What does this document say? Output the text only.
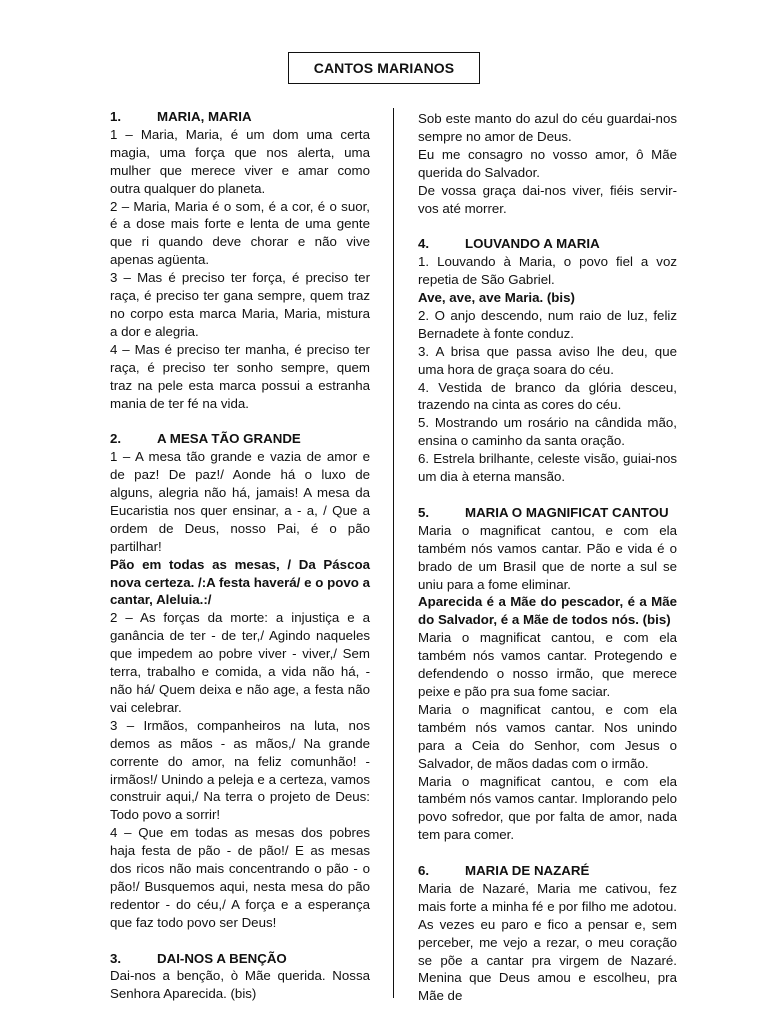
CANTOS MARIANOS
1.	MARIA, MARIA

1 – Maria, Maria, é um dom uma certa magia, uma força que nos alerta, uma mulher que merece viver e amar como outra qualquer do planeta.

2 – Maria, Maria é o som, é a cor, é o suor, é a dose mais forte e lenta de uma gente que ri quando deve chorar e não vive apenas agüenta.

3 – Mas é preciso ter força, é preciso ter raça, é preciso ter gana sempre, quem traz no corpo esta marca Maria, Maria, mistura a dor e alegria.

4 – Mas é preciso ter manha, é preciso ter raça, é preciso ter sonho sempre, quem traz na pele esta marca possui a estranha mania de ter fé na vida.

2.	A MESA TÃO GRANDE

1 – A mesa tão grande e vazia de amor e de paz! De paz!/ Aonde há o luxo de alguns, alegria não há, jamais! A mesa da Eucaristia nos quer ensinar, a - a, / Que a ordem de Deus, nosso Pai, é o pão partilhar!

Pão em todas as mesas, / Da Páscoa nova certeza. /:A festa haverá/ e o povo a cantar, Aleluia.:/

2 – As forças da morte: a injustiça e a ganância de ter - de ter,/ Agindo naqueles que impedem ao pobre viver - viver,/ Sem terra, trabalho e comida, a vida não há, - não há/ Quem deixa e não age, a festa não vai celebrar.

3 – Irmãos, companheiros na luta, nos demos as mãos - as mãos,/ Na grande corrente do amor, na feliz comunhão! - irmãos!/ Unindo a peleja e a certeza, vamos construir aqui,/ Na terra o projeto de Deus: Todo povo a sorrir!

4 – Que em todas as mesas dos pobres haja festa de pão - de pão!/ E as mesas dos ricos não mais concentrando o pão - o pão!/ Busquemos aqui, nesta mesa do pão redentor - do céu,/ A força e a esperança que faz todo povo ser Deus!

3.	DAI-NOS A BENÇÃO

Dai-nos a benção, ò Mãe querida. Nossa Senhora Aparecida. (bis)

Sob este manto do azul do céu guardai-nos sempre no amor de Deus.

Eu me consagro no vosso amor, ô Mãe querida do Salvador.

De vossa graça dai-nos viver, fiéis servir-vos até morrer.

4.	LOUVANDO A MARIA

1. Louvando à Maria, o povo fiel a voz repetia de São Gabriel.

Ave, ave, ave Maria. (bis)

2. O anjo descendo, num raio de luz, feliz Bernadete à fonte conduz.

3. A brisa que passa aviso lhe deu, que uma hora de graça soara do céu.

4. Vestida de branco da glória desceu, trazendo na cinta as cores do céu.

5. Mostrando um rosário na cândida mão, ensina o caminho da santa oração.

6. Estrela brilhante, celeste visão, guiai-nos um dia à eterna mansão.

5.	MARIA O MAGNIFICAT CANTOU

Maria o magnificat cantou, e com ela também nós vamos cantar. Pão e vida é o brado de um Brasil que de norte a sul se uniu para a fome eliminar.

Aparecida é a Mãe do pescador, é a Mãe do Salvador, é a Mãe de todos nós. (bis)

Maria o magnificat cantou, e com ela também nós vamos cantar. Protegendo e defendendo o nosso irmão, que merece peixe e pão pra sua fome saciar.

Maria o magnificat cantou, e com ela também nós vamos cantar. Nos unindo para a Ceia do Senhor, com Jesus o Salvador, de mãos dadas com o irmão.

Maria o magnificat cantou, e com ela também nós vamos cantar. Implorando pelo povo sofredor, que por falta de amor, nada tem para comer.

6.	MARIA DE NAZARÉ

Maria de Nazaré, Maria me cativou, fez mais forte a minha fé e por filho me adotou. As vezes eu paro e fico a pensar e, sem perceber, me vejo a rezar, o meu coração se põe a cantar pra virgem de Nazaré. Menina que Deus amou e escolheu, pra Mãe de
